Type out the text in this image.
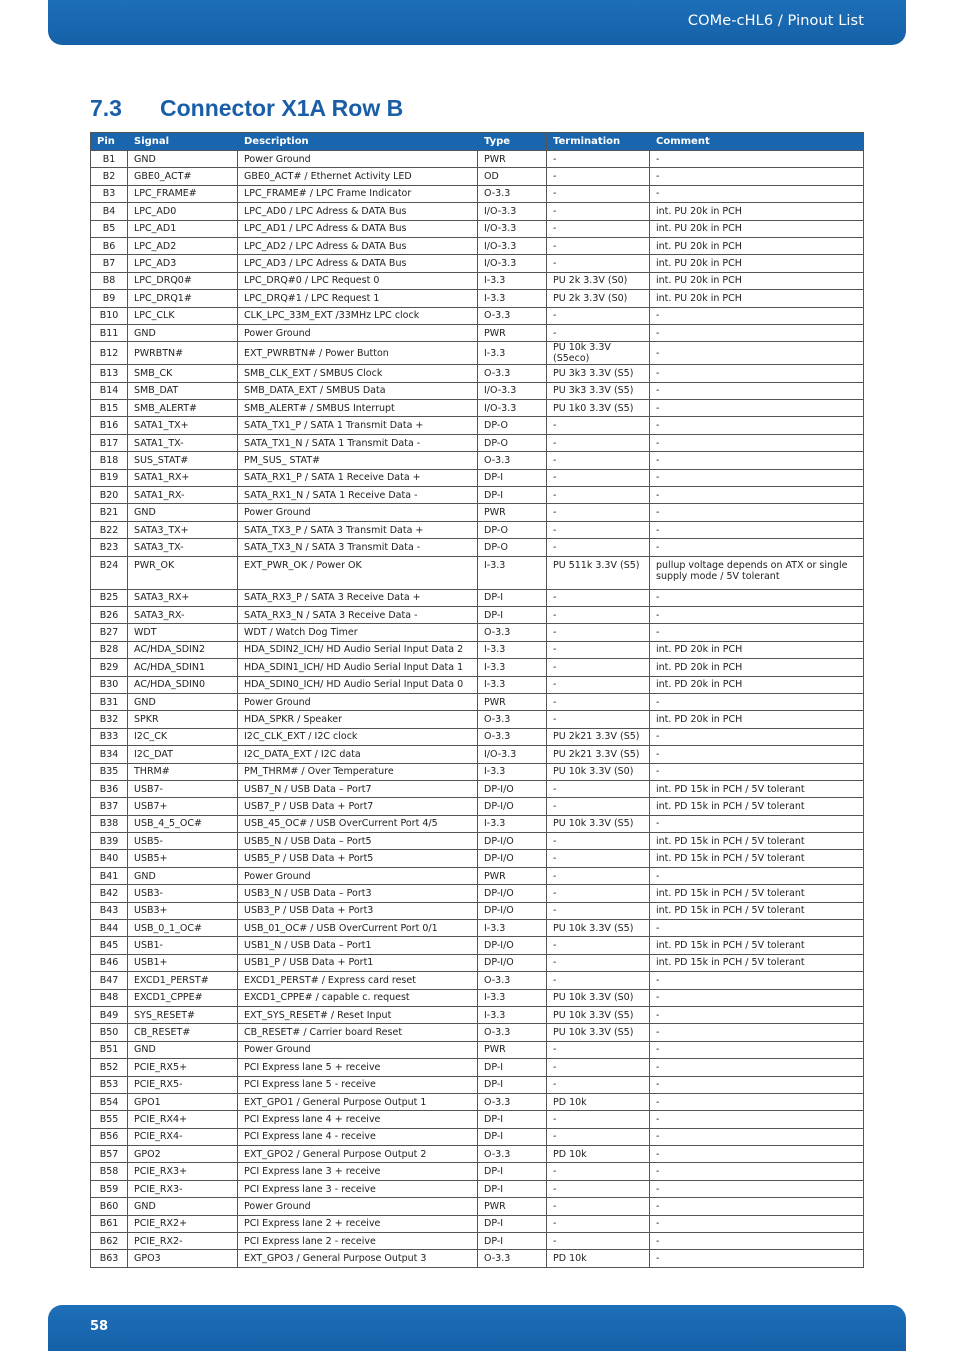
COMe-cHL6 / Pinout List
7.3 Connector X1A Row B
Pin	Signal	Description	Type	Termination	Comment
B1	GND	Power Ground	PWR	-	-
B2	GBE0_ACT#	GBE0_ACT# / Ethernet Activity LED	OD	-	-
B3	LPC_FRAME#	LPC_FRAME# / LPC Frame Indicator	O-3.3	-	-
B4	LPC_AD0	LPC_AD0 / LPC Adress & DATA Bus	I/O-3.3	-	int. PU 20k in PCH
B5	LPC_AD1	LPC_AD1 / LPC Adress & DATA Bus	I/O-3.3	-	int. PU 20k in PCH
B6	LPC_AD2	LPC_AD2 / LPC Adress & DATA Bus	I/O-3.3	-	int. PU 20k in PCH
B7	LPC_AD3	LPC_AD3 / LPC Adress & DATA Bus	I/O-3.3	-	int. PU 20k in PCH
B8	LPC_DRQ0#	LPC_DRQ#0 / LPC Request 0	I-3.3	PU 2k 3.3V (S0)	int. PU 20k in PCH
B9	LPC_DRQ1#	LPC_DRQ#1 / LPC Request 1	I-3.3	PU 2k 3.3V (S0)	int. PU 20k in PCH
B10	LPC_CLK	CLK_LPC_33M_EXT /33MHz LPC clock	O-3.3	-	-
B11	GND	Power Ground	PWR	-	-
B12	PWRBTN#	EXT_PWRBTN# / Power Button	I-3.3	PU 10k 3.3V (S5eco)	-
B13	SMB_CK	SMB_CLK_EXT / SMBUS Clock	O-3.3	PU 3k3 3.3V (S5)	-
B14	SMB_DAT	SMB_DATA_EXT / SMBUS Data	I/O-3.3	PU 3k3 3.3V (S5)	-
B15	SMB_ALERT#	SMB_ALERT# / SMBUS Interrupt	I/O-3.3	PU 1k0 3.3V (S5)	-
B16	SATA1_TX+	SATA_TX1_P / SATA 1 Transmit Data +	DP-O	-	-
B17	SATA1_TX-	SATA_TX1_N / SATA 1 Transmit Data -	DP-O	-	-
B18	SUS_STAT#	PM_SUS_ STAT#	O-3.3	-	-
B19	SATA1_RX+	SATA_RX1_P / SATA 1 Receive Data +	DP-I	-	-
B20	SATA1_RX-	SATA_RX1_N / SATA 1 Receive Data -	DP-I	-	-
B21	GND	Power Ground	PWR	-	-
B22	SATA3_TX+	SATA_TX3_P / SATA 3 Transmit Data +	DP-O	-	-
B23	SATA3_TX-	SATA_TX3_N / SATA 3 Transmit Data -	DP-O	-	-
B24	PWR_OK	EXT_PWR_OK / Power OK	I-3.3	PU 511k 3.3V (S5)	pullup voltage depends on ATX or single supply mode / 5V tolerant
B25	SATA3_RX+	SATA_RX3_P / SATA 3 Receive Data +	DP-I	-	-
B26	SATA3_RX-	SATA_RX3_N / SATA 3 Receive Data -	DP-I	-	-
B27	WDT	WDT / Watch Dog Timer	O-3.3	-	-
B28	AC/HDA_SDIN2	HDA_SDIN2_ICH/ HD Audio Serial Input Data 2	I-3.3	-	int. PD 20k in PCH
B29	AC/HDA_SDIN1	HDA_SDIN1_ICH/ HD Audio Serial Input Data 1	I-3.3	-	int. PD 20k in PCH
B30	AC/HDA_SDIN0	HDA_SDIN0_ICH/ HD Audio Serial Input Data 0	I-3.3	-	int. PD 20k in PCH
B31	GND	Power Ground	PWR	-	-
B32	SPKR	HDA_SPKR / Speaker	O-3.3	-	int. PD 20k in PCH
B33	I2C_CK	I2C_CLK_EXT / I2C clock	O-3.3	PU 2k21 3.3V (S5)	-
B34	I2C_DAT	I2C_DATA_EXT / I2C data	I/O-3.3	PU 2k21 3.3V (S5)	-
B35	THRM#	PM_THRM# / Over Temperature	I-3.3	PU 10k 3.3V (S0)	-
B36	USB7-	USB7_N / USB Data – Port7	DP-I/O	-	int. PD 15k in PCH / 5V tolerant
B37	USB7+	USB7_P / USB Data + Port7	DP-I/O	-	int. PD 15k in PCH / 5V tolerant
B38	USB_4_5_OC#	USB_45_OC# / USB OverCurrent Port 4/5	I-3.3	PU 10k 3.3V (S5)	-
B39	USB5-	USB5_N / USB Data – Port5	DP-I/O	-	int. PD 15k in PCH / 5V tolerant
B40	USB5+	USB5_P / USB Data + Port5	DP-I/O	-	int. PD 15k in PCH / 5V tolerant
B41	GND	Power Ground	PWR	-	-
B42	USB3-	USB3_N / USB Data – Port3	DP-I/O	-	int. PD 15k in PCH / 5V tolerant
B43	USB3+	USB3_P / USB Data + Port3	DP-I/O	-	int. PD 15k in PCH / 5V tolerant
B44	USB_0_1_OC#	USB_01_OC# / USB OverCurrent Port 0/1	I-3.3	PU 10k 3.3V (S5)	-
B45	USB1-	USB1_N / USB Data – Port1	DP-I/O	-	int. PD 15k in PCH / 5V tolerant
B46	USB1+	USB1_P / USB Data + Port1	DP-I/O	-	int. PD 15k in PCH / 5V tolerant
B47	EXCD1_PERST#	EXCD1_PERST# / Express card reset	O-3.3	-	-
B48	EXCD1_CPPE#	EXCD1_CPPE# / capable c. request	I-3.3	PU 10k 3.3V (S0)	-
B49	SYS_RESET#	EXT_SYS_RESET# / Reset Input	I-3.3	PU 10k 3.3V (S5)	-
B50	CB_RESET#	CB_RESET# / Carrier board Reset	O-3.3	PU 10k 3.3V (S5)	-
B51	GND	Power Ground	PWR	-	-
B52	PCIE_RX5+	PCI Express lane 5 + receive	DP-I	-	-
B53	PCIE_RX5-	PCI Express lane 5 - receive	DP-I	-	-
B54	GPO1	EXT_GPO1 / General Purpose Output 1	O-3.3	PD 10k	-
B55	PCIE_RX4+	PCI Express lane 4 + receive	DP-I	-	-
B56	PCIE_RX4-	PCI Express lane 4 - receive	DP-I	-	-
B57	GPO2	EXT_GPO2 / General Purpose Output 2	O-3.3	PD 10k	-
B58	PCIE_RX3+	PCI Express lane 3 + receive	DP-I	-	-
B59	PCIE_RX3-	PCI Express lane 3 - receive	DP-I	-	-
B60	GND	Power Ground	PWR	-	-
B61	PCIE_RX2+	PCI Express lane 2 + receive	DP-I	-	-
B62	PCIE_RX2-	PCI Express lane 2 - receive	DP-I	-	-
B63	GPO3	EXT_GPO3 / General Purpose Output 3	O-3.3	PD 10k	-
58
